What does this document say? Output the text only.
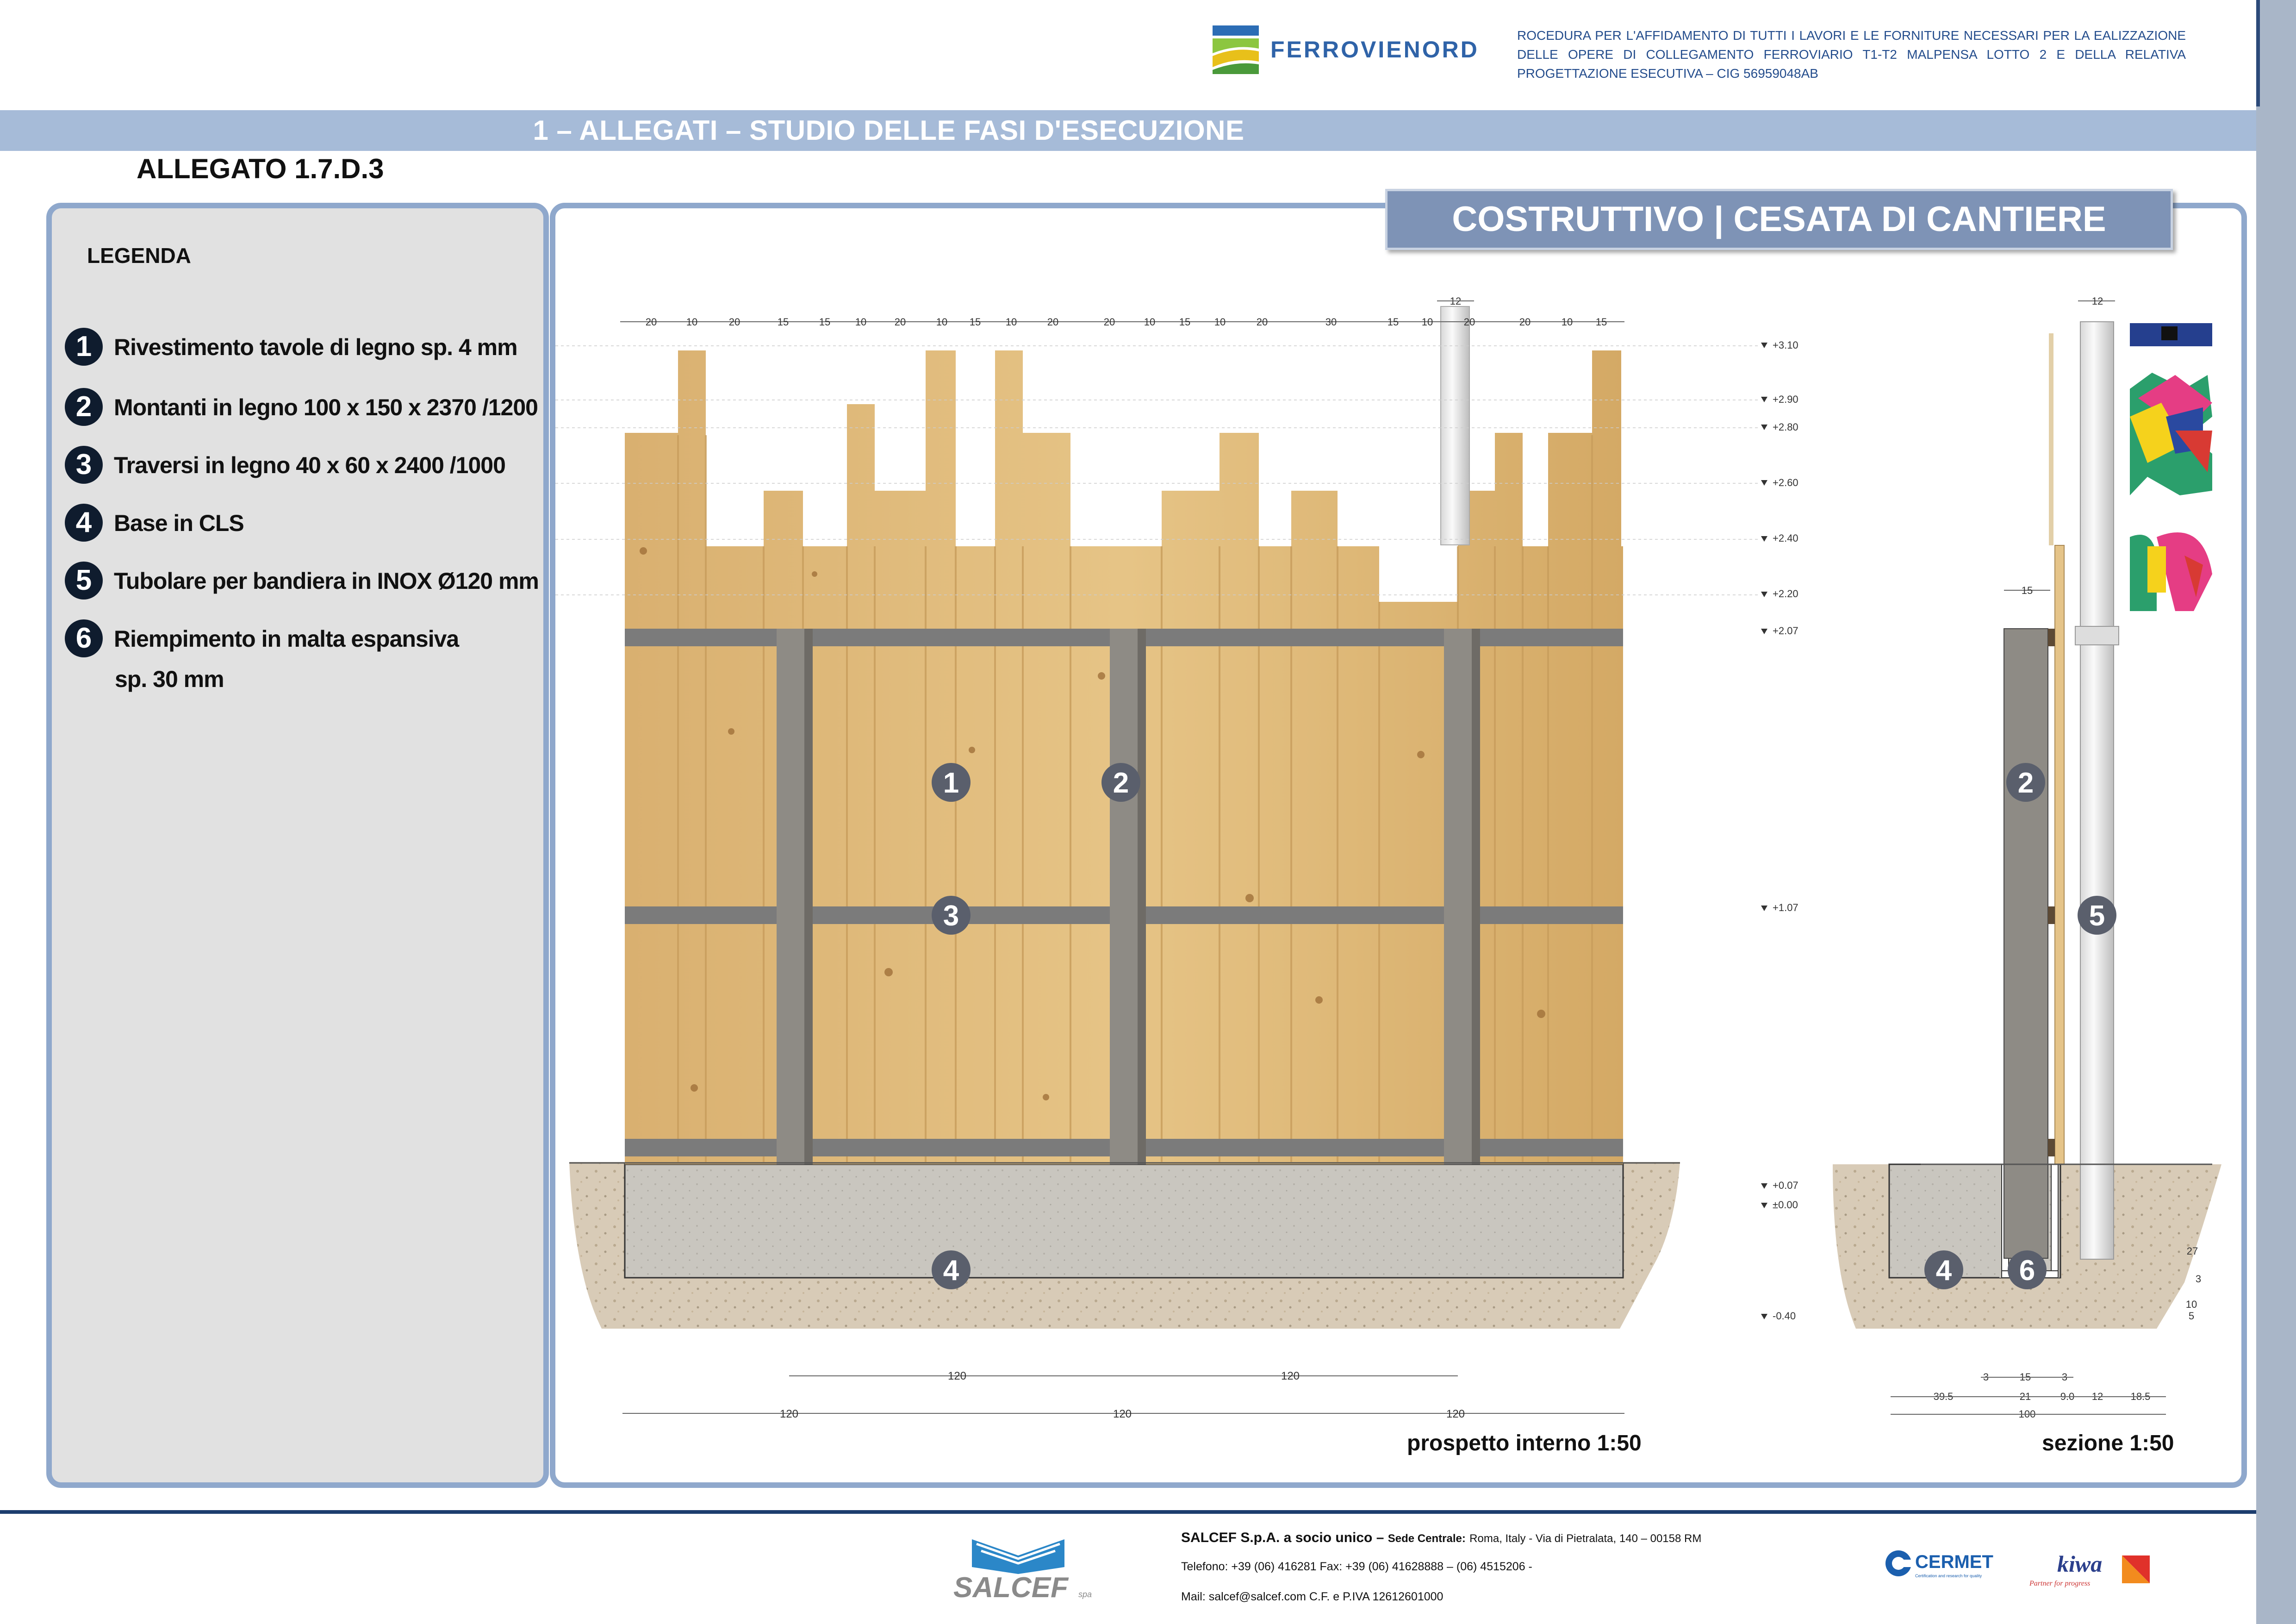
FERROVIENORD
ROCEDURA PER L'AFFIDAMENTO DI TUTTI I LAVORI E LE FORNITURE NECESSARI PER LA EALIZZAZIONE DELLE OPERE DI COLLEGAMENTO FERROVIARIO T1-T2 MALPENSA LOTTO 2 E DELLA RELATIVA PROGETTAZIONE ESECUTIVA – CIG 56959048AB
1 – ALLEGATI – STUDIO DELLE FASI D'ESECUZIONE
ALLEGATO 1.7.D.3
LEGENDA
1 Rivestimento tavole di legno sp. 4 mm
2 Montanti in legno 100 x 150 x 2370 /1200
3 Traversi in legno 40 x 60 x 2400 /1000
4 Base in CLS
5 Tubolare per bandiera in INOX Ø120 mm
6 Riempimento in malta espansiva
sp. 30 mm
COSTRUTTIVO | CESATA DI CANTIERE
20	10	20	15	15 10	20	10 15 10	20	20	10 15 10	20	30	15 10	20	20	10 15
12
+3.10
+2.90
+2.80
+2.60
+2.40
+2.20
+2.07
+1.07
+0.07
±0.00
-0.40
120	120
120	120	120
1	2
3
4
12
15
27
3
10
5
3	15	3
39.5	21	9.0 12	18.5
100
2
5
4 6
prospetto interno 1:50	sezione 1:50
SALCEF spa
SALCEF S.p.A. a socio unico – Sede Centrale: Roma, Italy - Via di Pietralata, 140 – 00158 RM
Telefono: +39 (06) 416281 Fax: +39 (06) 41628888 – (06) 4515206 -
Mail: salcef@salcef.com C.F. e P.IVA 12612601000
CERMET
Certification and research for quality	kiwa
Partner for progress
